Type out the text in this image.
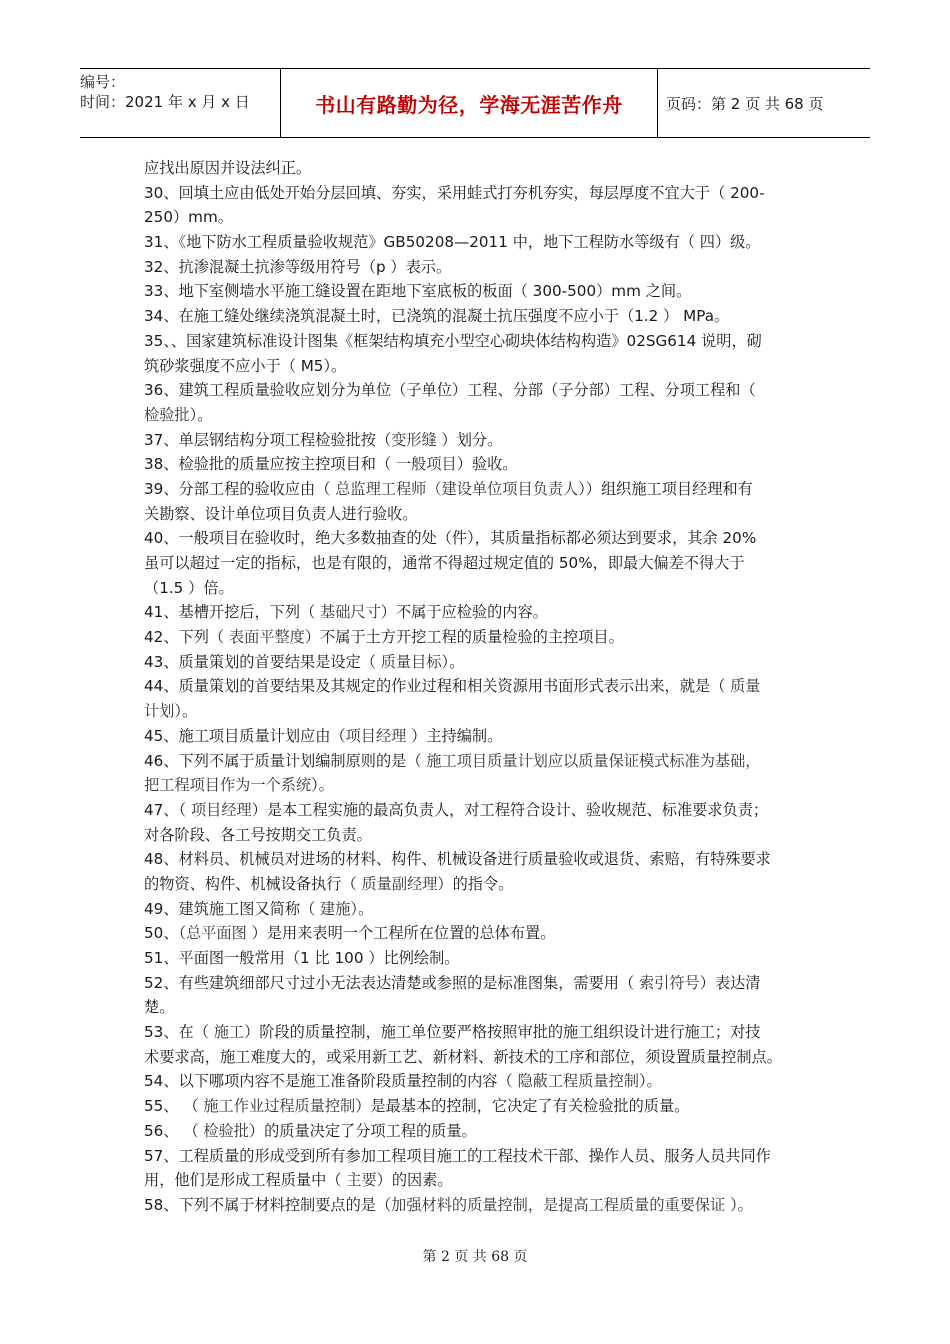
编号：
时间：2021 年 x 月 x 日	书山有路勤为径，学海无涯苦作舟	页码：第 2 页 共 68 页
应找出原因并设法纠正。
30、回填土应由低处开始分层回填、夯实，采用蛙式打夯机夯实，每层厚度不宜大于（ 200-
250）mm。
31、《地下防水工程质量验收规范》GB50208—2011 中，地下工程防水等级有（ 四）级。
32、抗渗混凝土抗渗等级用符号（p ）表示。
33、地下室侧墙水平施工缝设置在距地下室底板的板面（ 300-500）mm 之间。
34、在施工缝处继续浇筑混凝土时，已浇筑的混凝土抗压强度不应小于（1.2 ） MPa。
35、、国家建筑标准设计图集《框架结构填充小型空心砌块体结构构造》02SG614 说明，砌
筑砂浆强度不应小于（ M5）。
36、建筑工程质量验收应划分为单位（子单位）工程、分部（子分部）工程、分项工程和（
检验批）。
37、单层钢结构分项工程检验批按（变形缝 ）划分。
38、检验批的质量应按主控项目和（ 一般项目）验收。
39、分部工程的验收应由（ 总监理工程师（建设单位项目负责人））组织施工项目经理和有
关勘察、设计单位项目负责人进行验收。
40、一般项目在验收时，绝大多数抽查的处（件），其质量指标都必须达到要求，其余 20%
虽可以超过一定的指标，也是有限的，通常不得超过规定值的 50%，即最大偏差不得大于
（1.5 ）倍。
41、基槽开挖后，下列（ 基础尺寸）不属于应检验的内容。
42、下列（ 表面平整度）不属于土方开挖工程的质量检验的主控项目。
43、质量策划的首要结果是设定（ 质量目标）。
44、质量策划的首要结果及其规定的作业过程和相关资源用书面形式表示出来，就是（ 质量
计划）。
45、施工项目质量计划应由（项目经理 ）主持编制。
46、下列不属于质量计划编制原则的是（ 施工项目质量计划应以质量保证模式标准为基础，
把工程项目作为一个系统）。
47、（ 项目经理）是本工程实施的最高负责人，对工程符合设计、验收规范、标准要求负责；
对各阶段、各工号按期交工负责。
48、材料员、机械员对进场的材料、构件、机械设备进行质量验收或退货、索赔，有特殊要求
的物资、构件、机械设备执行（ 质量副经理）的指令。
49、建筑施工图又简称（ 建施）。
50、（总平面图 ）是用来表明一个工程所在位置的总体布置。
51、平面图一般常用（1 比 100 ）比例绘制。
52、有些建筑细部尺寸过小无法表达清楚或参照的是标准图集，需要用（ 索引符号）表达清
楚。
53、在（ 施工）阶段的质量控制，施工单位要严格按照审批的施工组织设计进行施工；对技
术要求高，施工难度大的，或采用新工艺、新材料、新技术的工序和部位，须设置质量控制点。
54、以下哪项内容不是施工准备阶段质量控制的内容（ 隐蔽工程质量控制）。
55、 （ 施工作业过程质量控制）是最基本的控制，它决定了有关检验批的质量。
56、 （ 检验批）的质量决定了分项工程的质量。
57、工程质量的形成受到所有参加工程项目施工的工程技术干部、操作人员、服务人员共同作
用，他们是形成工程质量中（ 主要）的因素。
58、下列不属于材料控制要点的是（加强材料的质量控制，是提高工程质量的重要保证 ）。
第 2 页 共 68 页
